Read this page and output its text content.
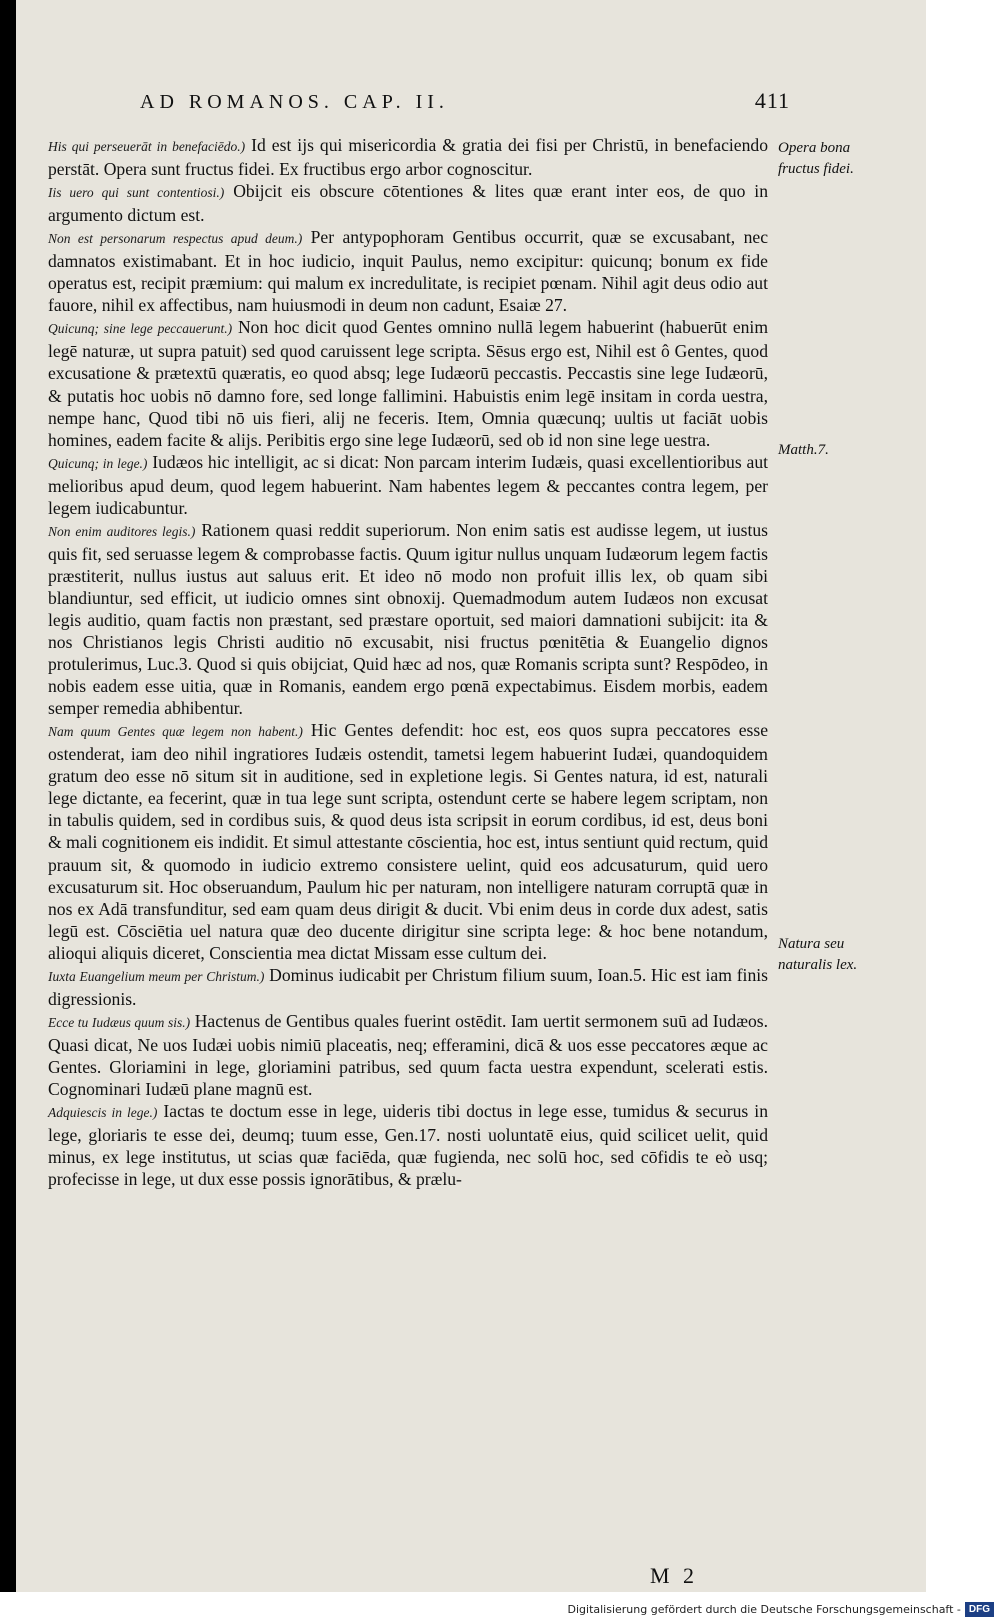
AD ROMANOS. CAP. II.	411

His qui perseuerāt in benefaciēdo.) Id est ijs qui misericordia & gratia dei fisi per Christū, in benefaciendo perstāt. Opera sunt fructus fidei. Ex fructibus ergo arbor cognoscitur.

Iis uero qui sunt contentiosi.) Obijcit eis obscure cōtentiones & lites quæ erant inter eos, de quo in argumento dictum est.

Non est personarum respectus apud deum.) Per antypophoram Gentibus occurrit, quæ se excusabant, nec damnatos existimabant. Et in hoc iudicio, inquit Paulus, nemo excipitur: quicunq; bonum ex fide operatus est, recipit præmium: qui malum ex incredulitate, is recipiet pœnam. Nihil agit deus odio aut fauore, nihil ex affectibus, nam huiusmodi in deum non cadunt, Esaiæ 27.

Quicunq; sine lege peccauerunt.) Non hoc dicit quod Gentes omnino nullā legem habuerint (habuerūt enim legē naturæ, ut supra patuit) sed quod caruissent lege scripta. Sēsus ergo est, Nihil est ô Gentes, quod excusatione & prætextū quæratis, eo quod absq; lege Iudæorū peccastis. Peccastis sine lege Iudæorū, & putatis hoc uobis nō damno fore, sed longe fallimini. Habuistis enim legē insitam in corda uestra, nempe hanc, Quod tibi nō uis fieri, alij ne feceris. Item, Omnia quæcunq; uultis ut faciāt uobis homines, eadem facite & alijs. Peribitis ergo sine lege Iudæorū, sed ob id non sine lege uestra.

Quicunq; in lege.) Iudæos hic intelligit, ac si dicat: Non parcam interim Iudæis, quasi excellentioribus aut melioribus apud deum, quod legem habuerint. Nam habentes legem & peccantes contra legem, per legem iudicabuntur.

Non enim auditores legis.) Rationem quasi reddit superiorum. Non enim satis est audisse legem, ut iustus quis fit, sed seruasse legem & comprobasse factis. Quum igitur nullus unquam Iudæorum legem factis præstiterit, nullus iustus aut saluus erit. Et ideo nō modo non profuit illis lex, ob quam sibi blandiuntur, sed efficit, ut iudicio omnes sint obnoxij. Quemadmodum autem Iudæos non excusat legis auditio, quam factis non præstant, sed præstare oportuit, sed maiori damnationi subijcit: ita & nos Christianos legis Christi auditio nō excusabit, nisi fructus pœnitētia & Euangelio dignos protulerimus, Luc.3. Quod si quis obijciat, Quid hæc ad nos, quæ Romanis scripta sunt? Respōdeo, in nobis eadem esse uitia, quæ in Romanis, eandem ergo pœnā expectabimus. Eisdem morbis, eadem semper remedia abhibentur.

Nam quum Gentes quæ legem non habent.) Hic Gentes defendit: hoc est, eos quos supra peccatores esse ostenderat, iam deo nihil ingratiores Iudæis ostendit, tametsi legem habuerint Iudæi, quandoquidem gratum deo esse nō situm sit in auditione, sed in expletione legis. Si Gentes natura, id est, naturali lege dictante, ea fecerint, quæ in tua lege sunt scripta, ostendunt certe se habere legem scriptam, non in tabulis quidem, sed in cordibus suis, & quod deus ista scripsit in eorum cordibus, id est, deus boni & mali cognitionem eis indidit. Et simul attestante cōscientia, hoc est, intus sentiunt quid rectum, quid prauum sit, & quomodo in iudicio extremo consistere uelint, quid eos adcusaturum, quid uero excusaturum sit. Hoc obseruandum, Paulum hic per naturam, non intelligere naturam corruptā quæ in nos ex Adā transfunditur, sed eam quam deus dirigit & ducit. Vbi enim deus in corde dux adest, satis legū est. Cōsciētia uel natura quæ deo ducente dirigitur sine scripta lege: & hoc bene notandum, alioqui aliquis diceret, Conscientia mea dictat Missam esse cultum dei.

Iuxta Euangelium meum per Christum.) Dominus iudicabit per Christum filium suum, Ioan.5. Hic est iam finis digressionis.

Ecce tu Iudæus quum sis.) Hactenus de Gentibus quales fuerint ostēdit. Iam uertit sermonem suū ad Iudæos. Quasi dicat, Ne uos Iudæi uobis nimiū placeatis, neq; efferamini, dicā & uos esse peccatores æque ac Gentes. Gloriamini in lege, gloriamini patribus, sed quum facta uestra expendunt, scelerati estis. Cognominari Iudæū plane magnū est.

Adquiescis in lege.) Iactas te doctum esse in lege, uideris tibi doctus in lege esse, tumidus & securus in lege, gloriaris te esse dei, deumq; tuum esse, Gen.17. nosti uoluntatē eius, quid scilicet uelit, quid minus, ex lege institutus, ut scias quæ faciēda, quæ fugienda, nec solū hoc, sed cōfidis te eò usq; profecisse in lege, ut dux esse possis ignorātibus, & prælu-

Opera bona fructus fidei.
Matth.7.
Natura seu naturalis lex.
M 2
Digitalisierung gefördert durch die Deutsche Forschungsgemeinschaft - DFG
